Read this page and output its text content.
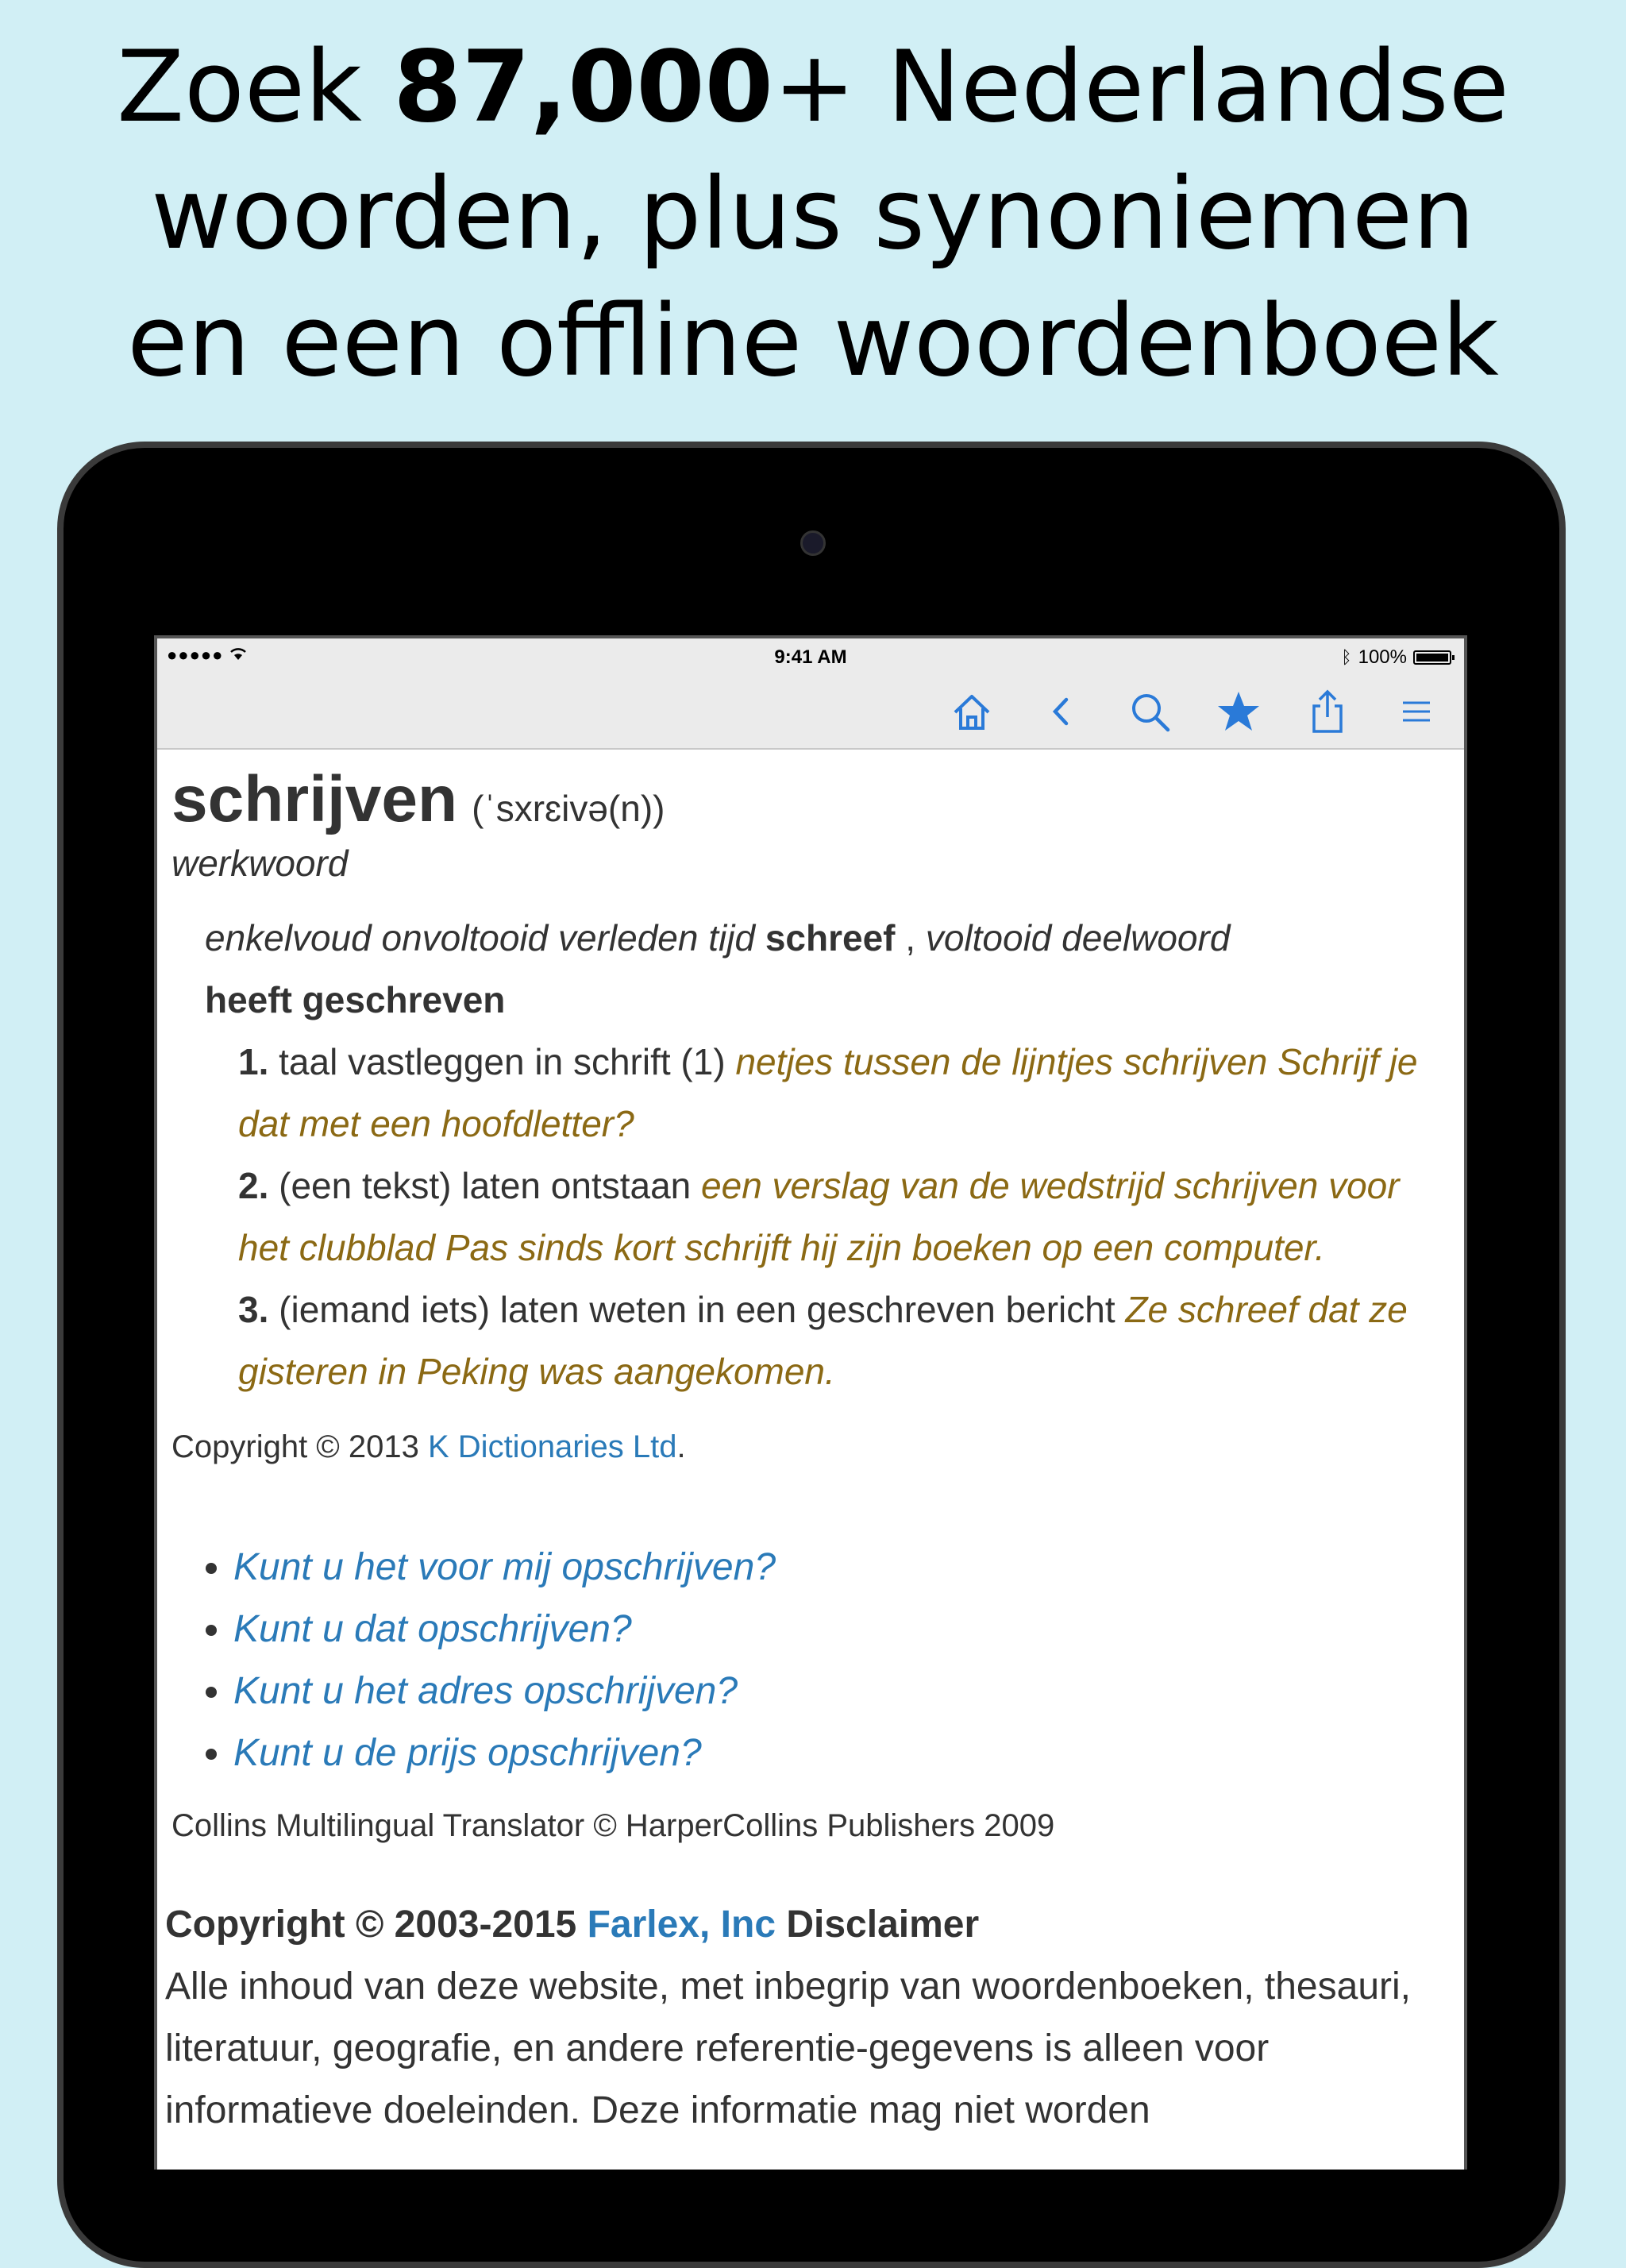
Zoek 87,000+ Nederlandse
woorden, plus synoniemen
en een offline woordenboek
●●●●●	9:41 AM	ᛒ 100%
schrijven (ˈsxrɛivə(n))
werkwoord
enkelvoud onvoltooid verleden tijd schreef , voltooid deelwoord
heeft geschreven
1. taal vastleggen in schrift (1) netjes tussen de lijntjes schrijven Schrijf je dat met een hoofdletter?
2. (een tekst) laten ontstaan een verslag van de wedstrijd schrijven voor het clubblad Pas sinds kort schrijft hij zijn boeken op een computer.
3. (iemand iets) laten weten in een geschreven bericht Ze schreef dat ze gisteren in Peking was aangekomen.
Copyright © 2013 K Dictionaries Ltd.
• Kunt u het voor mij opschrijven?
• Kunt u dat opschrijven?
• Kunt u het adres opschrijven?
• Kunt u de prijs opschrijven?
Collins Multilingual Translator © HarperCollins Publishers 2009
Copyright © 2003-2015 Farlex, Inc Disclaimer
Alle inhoud van deze website, met inbegrip van woordenboeken, thesauri, literatuur, geografie, en andere referentie-gegevens is alleen voor informatieve doeleinden. Deze informatie mag niet worden
